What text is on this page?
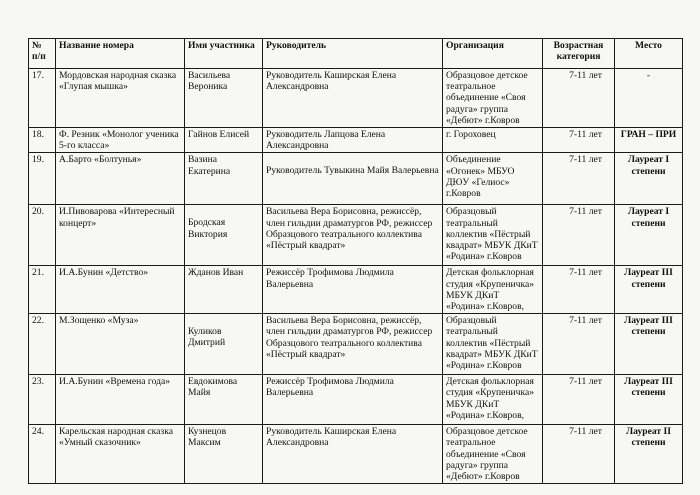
№ п/п	Название номера	Имя участника	Руководитель	Организация	Возрастная категория	Место
17.	Мордовская народная сказка «Глупая мышка»	Васильева Вероника	Руководитель Каширская Елена Александровна	Образцовое детское театральное объединение «Своя радуга» группа «Дебют» г.Ковров	7-11 лет	-
18.	Ф. Резник «Монолог ученика 5-го класса»	Гайнов Елисей	Руководитель Лапцова Елена Александровна	г. Гороховец	7-11 лет	ГРАН – ПРИ
19.	А.Барто «Болтунья»	Вазина Екатерина	Руководитель Тувыкина Майя Валерьевна	Объединение «Огонек» МБУО ДЮУ «Гелиос» г.Ковров	7-11 лет	Лауреат I степени
20.	И.Пивоварова «Интересный концерт»	Бродская Виктория	Васильева Вера Борисовна, режиссёр, член гильдии драматургов РФ, режиссер Образцового театрального коллектива «Пёстрый квадрат»	Образцовый театральный коллектив «Пёстрый квадрат» МБУК ДКиТ «Родина» г.Ковров	7-11 лет	Лауреат I степени
21.	И.А.Бунин «Детство»	Жданов Иван	Режиссёр Трофимова Людмила Валерьевна	Детская фольклорная студия «Крупеничка» МБУК ДКиТ «Родина» г.Ковров,	7-11 лет	Лауреат III степени
22.	М.Зощенко «Муза»	Куликов Дмитрий	Васильева Вера Борисовна, режиссёр, член гильдии драматургов РФ, режиссер Образцового театрального коллектива «Пёстрый квадрат»	Образцовый театральный коллектив «Пёстрый квадрат» МБУК ДКиТ «Родина» г.Ковров	7-11 лет	Лауреат III степени
23.	И.А.Бунин «Времена года»	Евдокимова Майя	Режиссёр Трофимова Людмила Валерьевна	Детская фольклорная студия «Крупеничка» МБУК ДКиТ «Родина» г.Ковров,	7-11 лет	Лауреат III степени
24.	Карельская народная сказка «Умный сказочник»	Кузнецов Максим	Руководитель Каширская Елена Александровна	Образцовое детское театральное объединение «Своя радуга» группа «Дебют» г.Ковров	7-11 лет	Лауреат II степени
